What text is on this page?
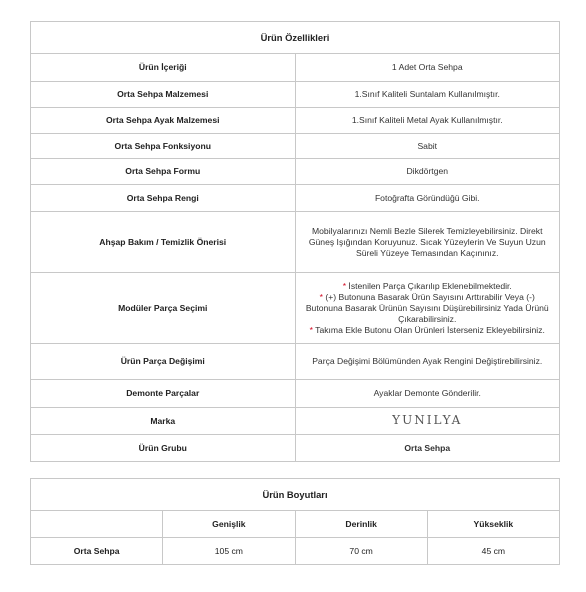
Ürün Özellikleri	
Ürün İçeriği	1 Adet Orta Sehpa
Orta Sehpa Malzemesi	1.Sınıf Kaliteli Suntalam Kullanılmıştır.
Orta Sehpa Ayak Malzemesi	1.Sınıf Kaliteli Metal Ayak Kullanılmıştır.
Orta Sehpa Fonksiyonu	Sabit
Orta Sehpa Formu	Dikdörtgen
Orta Sehpa Rengi	Fotoğrafta Göründüğü Gibi.
Ahşap Bakım / Temizlik Önerisi	Mobilyalarınızı Nemli Bezle Silerek Temizleyebilirsiniz. Direkt Güneş Işığından Koruyunuz. Sıcak Yüzeylerin Ve Suyun Uzun Süreli Yüzeye Temasından Kaçınınız.
Modüler Parça Seçimi	* İstenilen Parça Çıkarılıp Eklenebilmektedir.
* (+) Butonuna Basarak Ürün Sayısını Arttırabilir Veya (-) Butonuna Basarak Ürünün Sayısını Düşürebilirsiniz Yada Ürünü Çıkarabilirsiniz.
* Takıma Ekle Butonu Olan Ürünleri İsterseniz Ekleyebilirsiniz.

Ürün Parça Değişimi	Parça Değişimi Bölümünden Ayak Rengini Değiştirebilirsiniz.
Demonte Parçalar	Ayaklar Demonte Gönderilir.
Marka	YUNILYA
Ürün Grubu	Orta Sehpa
Ürün Boyutları			
	Genişlik	Derinlik	Yükseklik
Orta Sehpa	105 cm	70 cm	45 cm
